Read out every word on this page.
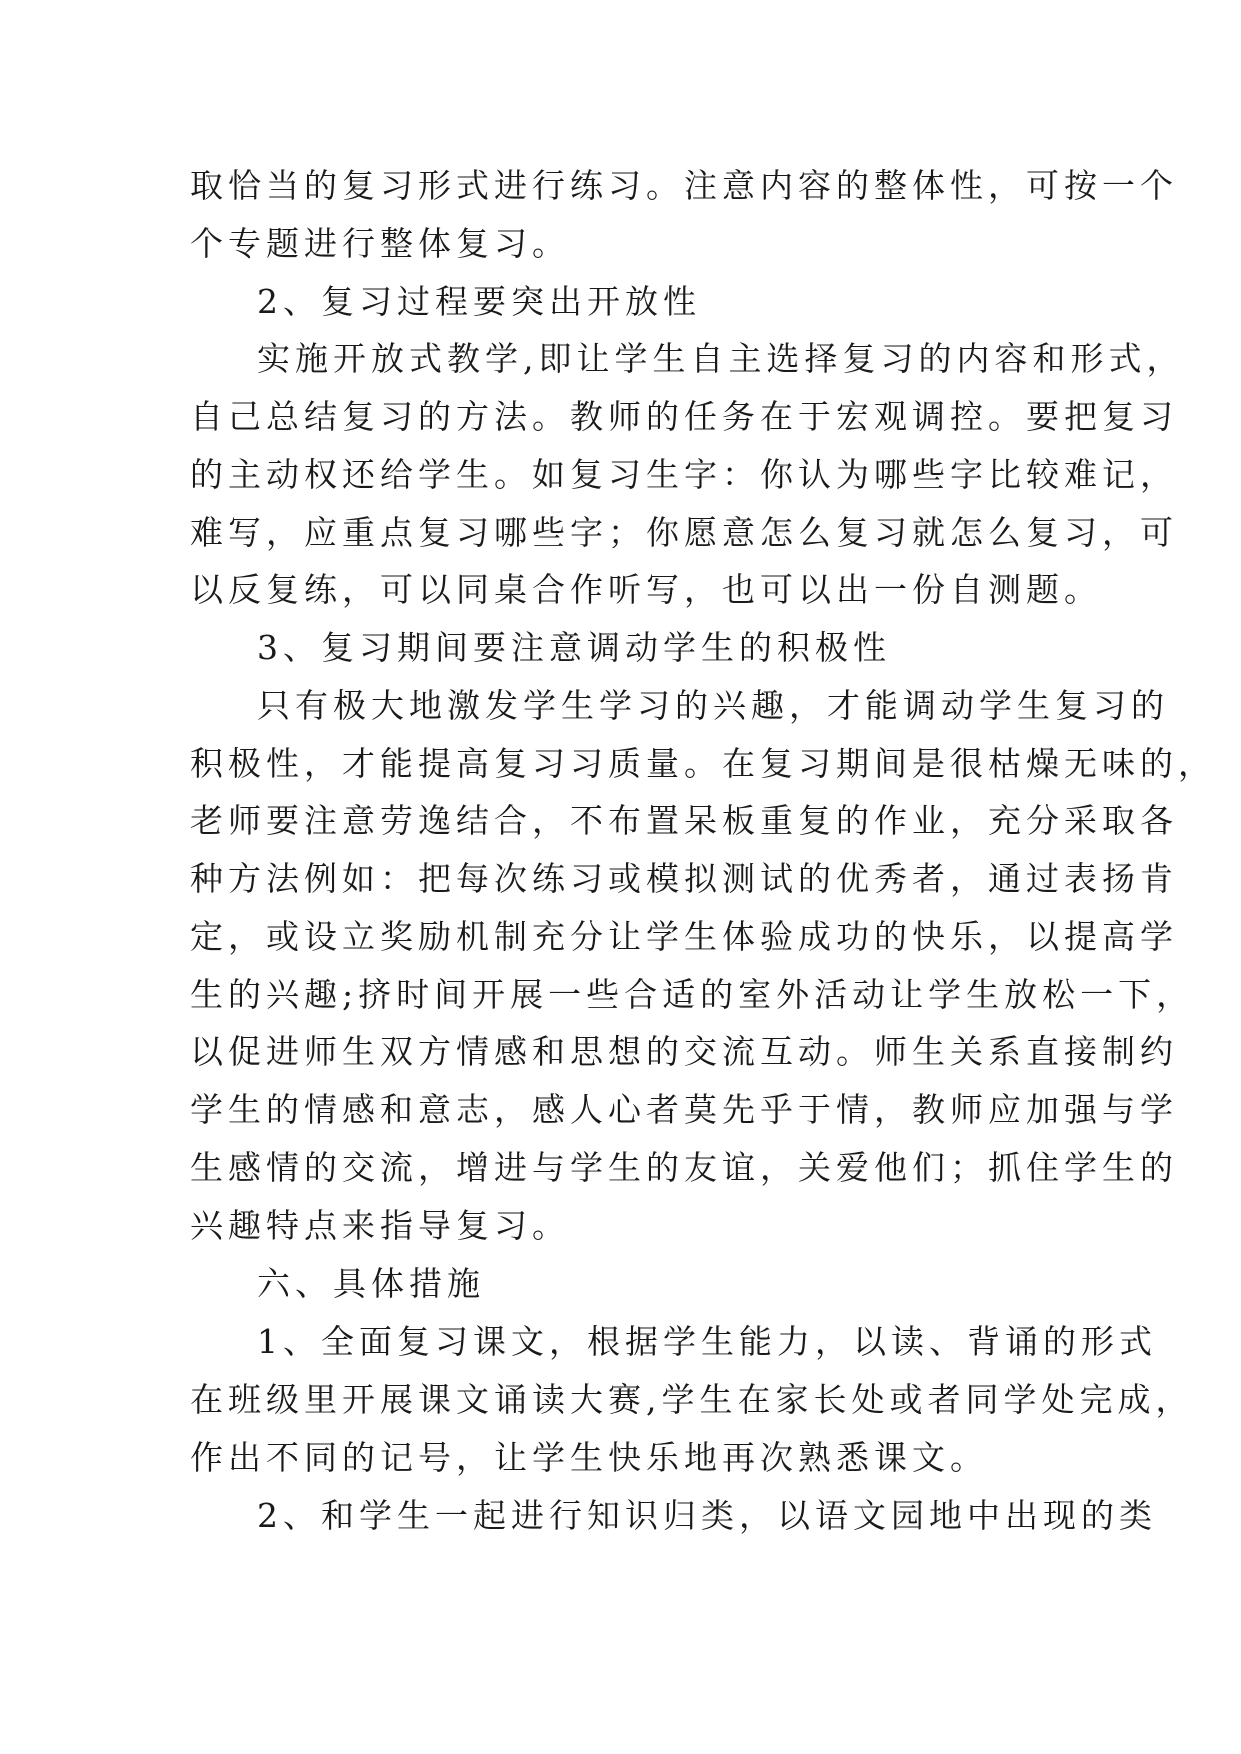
取恰当的复习形式进行练习。注意内容的整体性，可按一个
个专题进行整体复习。
2、复习过程要突出开放性
实施开放式教学,即让学生自主选择复习的内容和形式，
自己总结复习的方法。教师的任务在于宏观调控。要把复习
的主动权还给学生。如复习生字：你认为哪些字比较难记，
难写，应重点复习哪些字；你愿意怎么复习就怎么复习，可
以反复练，可以同桌合作听写，也可以出一份自测题。
3、复习期间要注意调动学生的积极性
只有极大地激发学生学习的兴趣，才能调动学生复习的
积极性，才能提高复习习质量。在复习期间是很枯燥无味的，
老师要注意劳逸结合，不布置呆板重复的作业，充分采取各
种方法例如：把每次练习或模拟测试的优秀者，通过表扬肯
定，或设立奖励机制充分让学生体验成功的快乐，以提高学
生的兴趣;挤时间开展一些合适的室外活动让学生放松一下，
以促进师生双方情感和思想的交流互动。师生关系直接制约
学生的情感和意志，感人心者莫先乎于情，教师应加强与学
生感情的交流，增进与学生的友谊，关爱他们；抓住学生的
兴趣特点来指导复习。
六、具体措施
1、全面复习课文，根据学生能力，以读、背诵的形式
在班级里开展课文诵读大赛,学生在家长处或者同学处完成，
作出不同的记号，让学生快乐地再次熟悉课文。
2、和学生一起进行知识归类，以语文园地中出现的类
